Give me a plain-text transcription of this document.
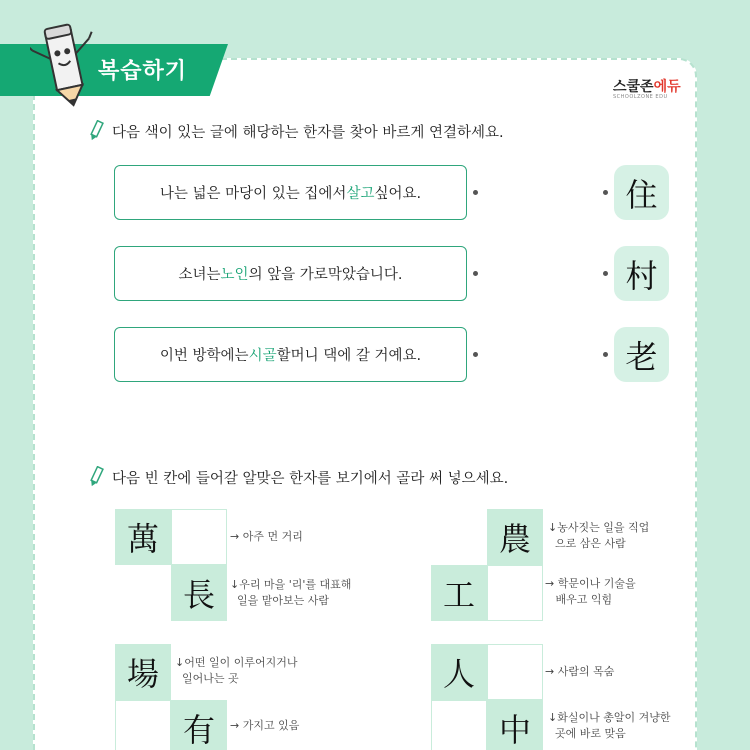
복습하기
스쿨존에듀
SCHOOLZONE EDU
다음 색이 있는 글에 해당하는 한자를 찾아 바르게 연결하세요.
나는 넓은 마당이 있는 집에서 살고 싶어요.
소녀는 노인 의 앞을 가로막았습니다.
이번 방학에는 시골 할머니 댁에 갈 거예요.
住
村
老
다음 빈 칸에 들어갈 알맞은 한자를 보기에서 골라 써 넣으세요.
萬
長
→ 아주 먼 거리
↓우리 마을 '리'를 대표해
일을 맡아보는 사람
農
工
↓농사짓는 일을 직업
으로 삼은 사람
→ 학문이나 기술을
배우고 익힘
場
有
↓어떤 일이 이루어지거나
일어나는 곳
→ 가지고 있음
人
中
→ 사람의 목숨
↓화실이나 총알이 겨냥한
곳에 바로 맞음
